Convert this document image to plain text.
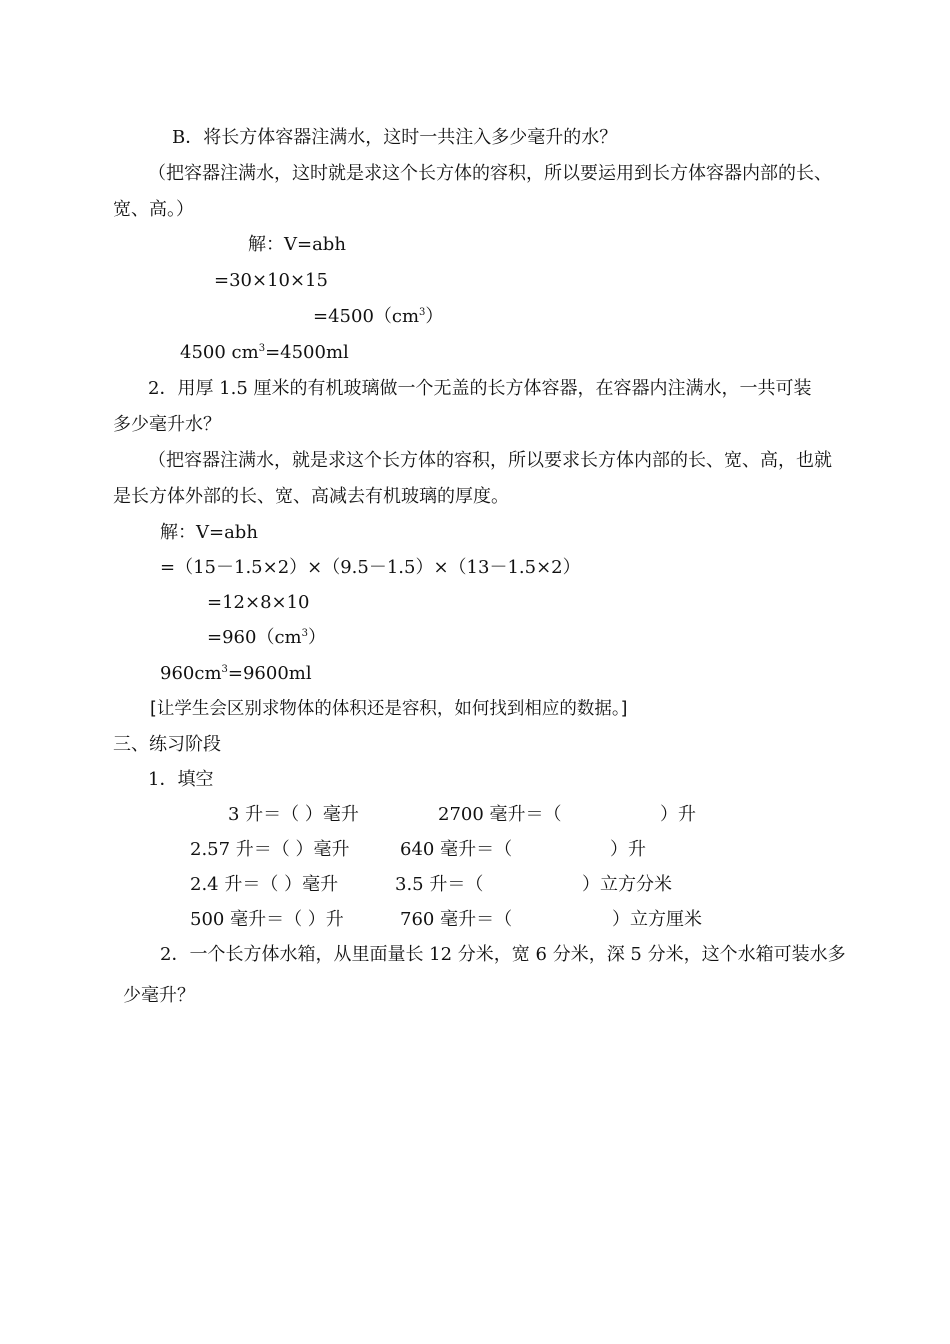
B．将长方体容器注满水，这时一共注入多少毫升的水？
（把容器注满水，这时就是求这个长方体的容积，所以要运用到长方体容器内部的长、
宽、高。）
解：V=abh
=30×10×15
$=4500(cm^3)$
4500 $cm^3=4500ml$
2．用厚 1.5 厘米的有机玻璃做一个无盖的长方体容器，在容器内注满水，一共可装
多少毫升水？
（把容器注满水，就是求这个长方体的容积，所以要求长方体内部的长、宽、高，也就
是长方体外部的长、宽、高减去有机玻璃的厚度。
解：V=abh
=（15－1.5×2）×（9.5－1.5）×（13－1.5×2）
=12×8×10
$=960(cm^3)$
$960cm^3=9600ml$
[让学生会区别求物体的体积还是容积，如何找到相应的数据。]
三、练习阶段
1．填空
3 升＝（ ）毫升	2700 毫升＝（	）升
2.57 升＝（ ）毫升	640 毫升＝（	）升
2.4 升＝（ ）毫升	3.5 升＝（	）立方分米
500 毫升＝（ ）升	760 毫升＝（	）立方厘米
2．一个长方体水箱，从里面量长 12 分米，宽 6 分米，深 5 分米，这个水箱可装水多
少毫升？
